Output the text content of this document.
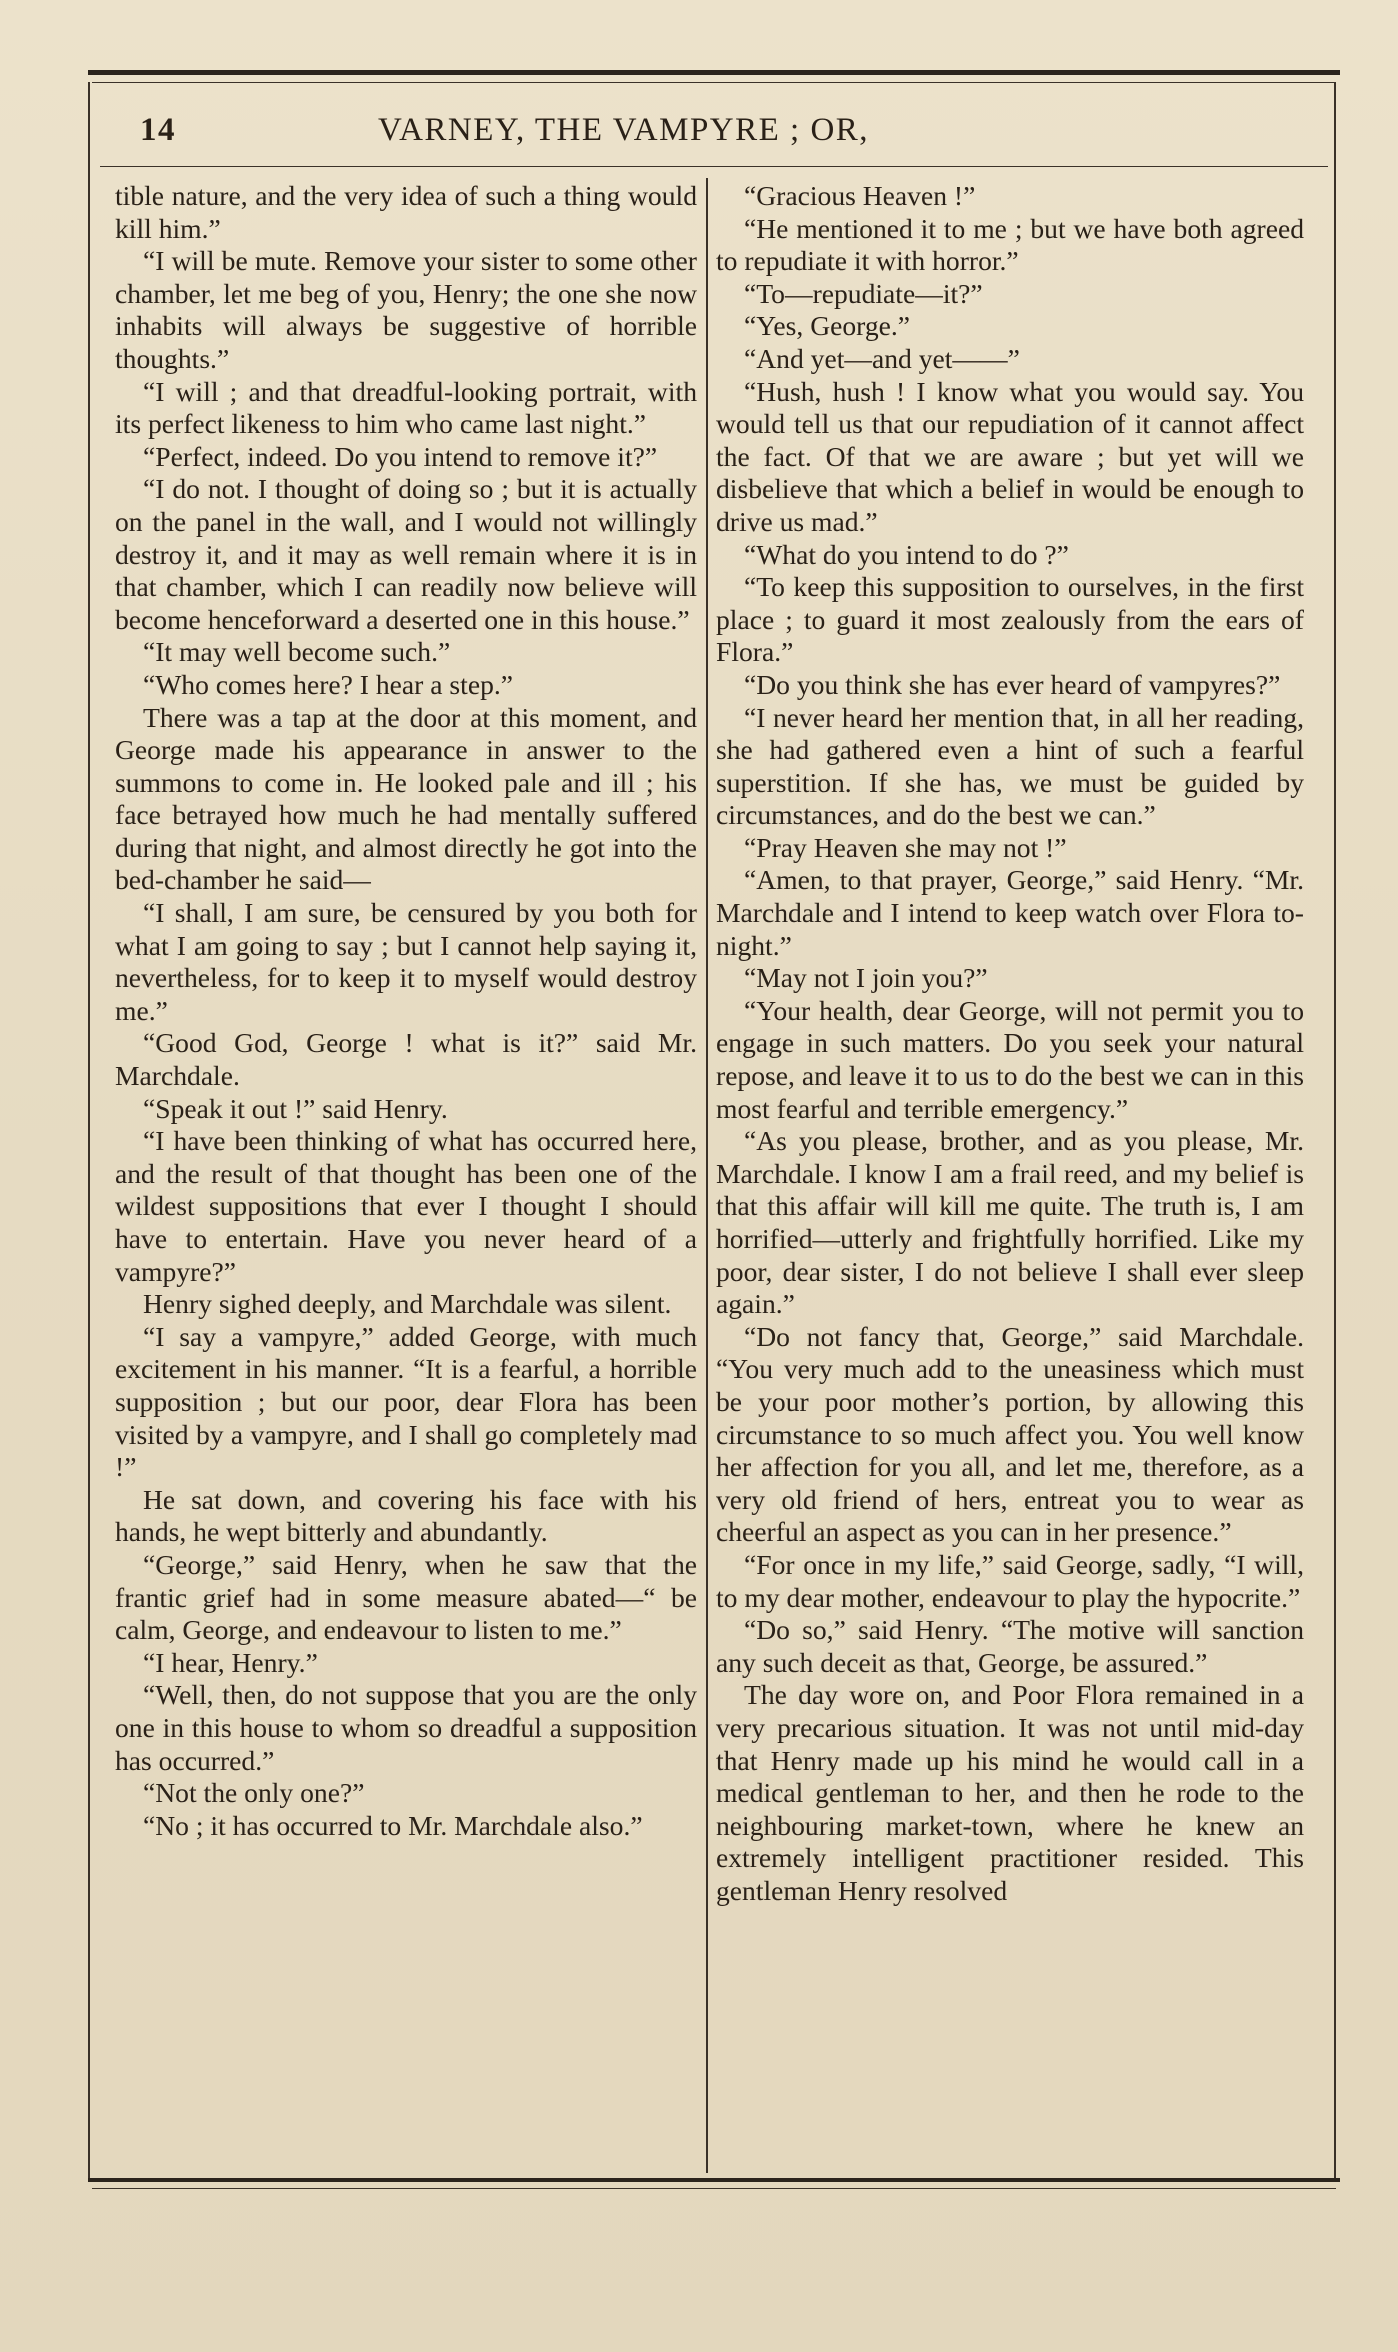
14	VARNEY, THE VAMPYRE ; OR,

tible nature, and the very idea of such a thing would kill him.”

“I will be mute. Remove your sister to some other chamber, let me beg of you, Henry; the one she now inhabits will always be suggestive of horrible thoughts.”

“I will ; and that dreadful-looking portrait, with its perfect likeness to him who came last night.”

“Perfect, indeed. Do you intend to remove it?”

“I do not. I thought of doing so ; but it is actually on the panel in the wall, and I would not willingly destroy it, and it may as well remain where it is in that chamber, which I can readily now believe will become henceforward a deserted one in this house.”

“It may well become such.”

“Who comes here? I hear a step.”

There was a tap at the door at this moment, and George made his appearance in answer to the summons to come in. He looked pale and ill ; his face betrayed how much he had mentally suffered during that night, and almost directly he got into the bed-chamber he said—

“I shall, I am sure, be censured by you both for what I am going to say ; but I cannot help saying it, nevertheless, for to keep it to myself would destroy me.”

“Good God, George ! what is it?” said Mr. Marchdale.

“Speak it out !” said Henry.

“I have been thinking of what has occurred here, and the result of that thought has been one of the wildest suppositions that ever I thought I should have to entertain. Have you never heard of a vampyre?”

Henry sighed deeply, and Marchdale was silent.

“I say a vampyre,” added George, with much excitement in his manner. “It is a fearful, a horrible supposition ; but our poor, dear Flora has been visited by a vampyre, and I shall go completely mad !”

He sat down, and covering his face with his hands, he wept bitterly and abundantly.

“George,” said Henry, when he saw that the frantic grief had in some measure abated—“ be calm, George, and endeavour to listen to me.”

“I hear, Henry.”

“Well, then, do not suppose that you are the only one in this house to whom so dreadful a supposition has occurred.”

“Not the only one?”

“No ; it has occurred to Mr. Marchdale also.”

“Gracious Heaven !”

“He mentioned it to me ; but we have both agreed to repudiate it with horror.”

“To—repudiate—it?”

“Yes, George.”

“And yet—and yet——”

“Hush, hush ! I know what you would say. You would tell us that our repudiation of it cannot affect the fact. Of that we are aware ; but yet will we disbelieve that which a belief in would be enough to drive us mad.”

“What do you intend to do ?”

“To keep this supposition to ourselves, in the first place ; to guard it most zealously from the ears of Flora.”

“Do you think she has ever heard of vampyres?”

“I never heard her mention that, in all her reading, she had gathered even a hint of such a fearful superstition. If she has, we must be guided by circumstances, and do the best we can.”

“Pray Heaven she may not !”

“Amen, to that prayer, George,” said Henry. “Mr. Marchdale and I intend to keep watch over Flora to-night.”

“May not I join you?”

“Your health, dear George, will not permit you to engage in such matters. Do you seek your natural repose, and leave it to us to do the best we can in this most fearful and terrible emergency.”

“As you please, brother, and as you please, Mr. Marchdale. I know I am a frail reed, and my belief is that this affair will kill me quite. The truth is, I am horrified—utterly and frightfully horrified. Like my poor, dear sister, I do not believe I shall ever sleep again.”

“Do not fancy that, George,” said Marchdale. “You very much add to the uneasiness which must be your poor mother’s portion, by allowing this circumstance to so much affect you. You well know her affection for you all, and let me, therefore, as a very old friend of hers, entreat you to wear as cheerful an aspect as you can in her presence.”

“For once in my life,” said George, sadly, “I will, to my dear mother, endeavour to play the hypocrite.”

“Do so,” said Henry. “The motive will sanction any such deceit as that, George, be assured.”

The day wore on, and Poor Flora remained in a very precarious situation. It was not until mid-day that Henry made up his mind he would call in a medical gentleman to her, and then he rode to the neighbouring market-town, where he knew an extremely intelligent practitioner resided. This gentleman Henry resolved
